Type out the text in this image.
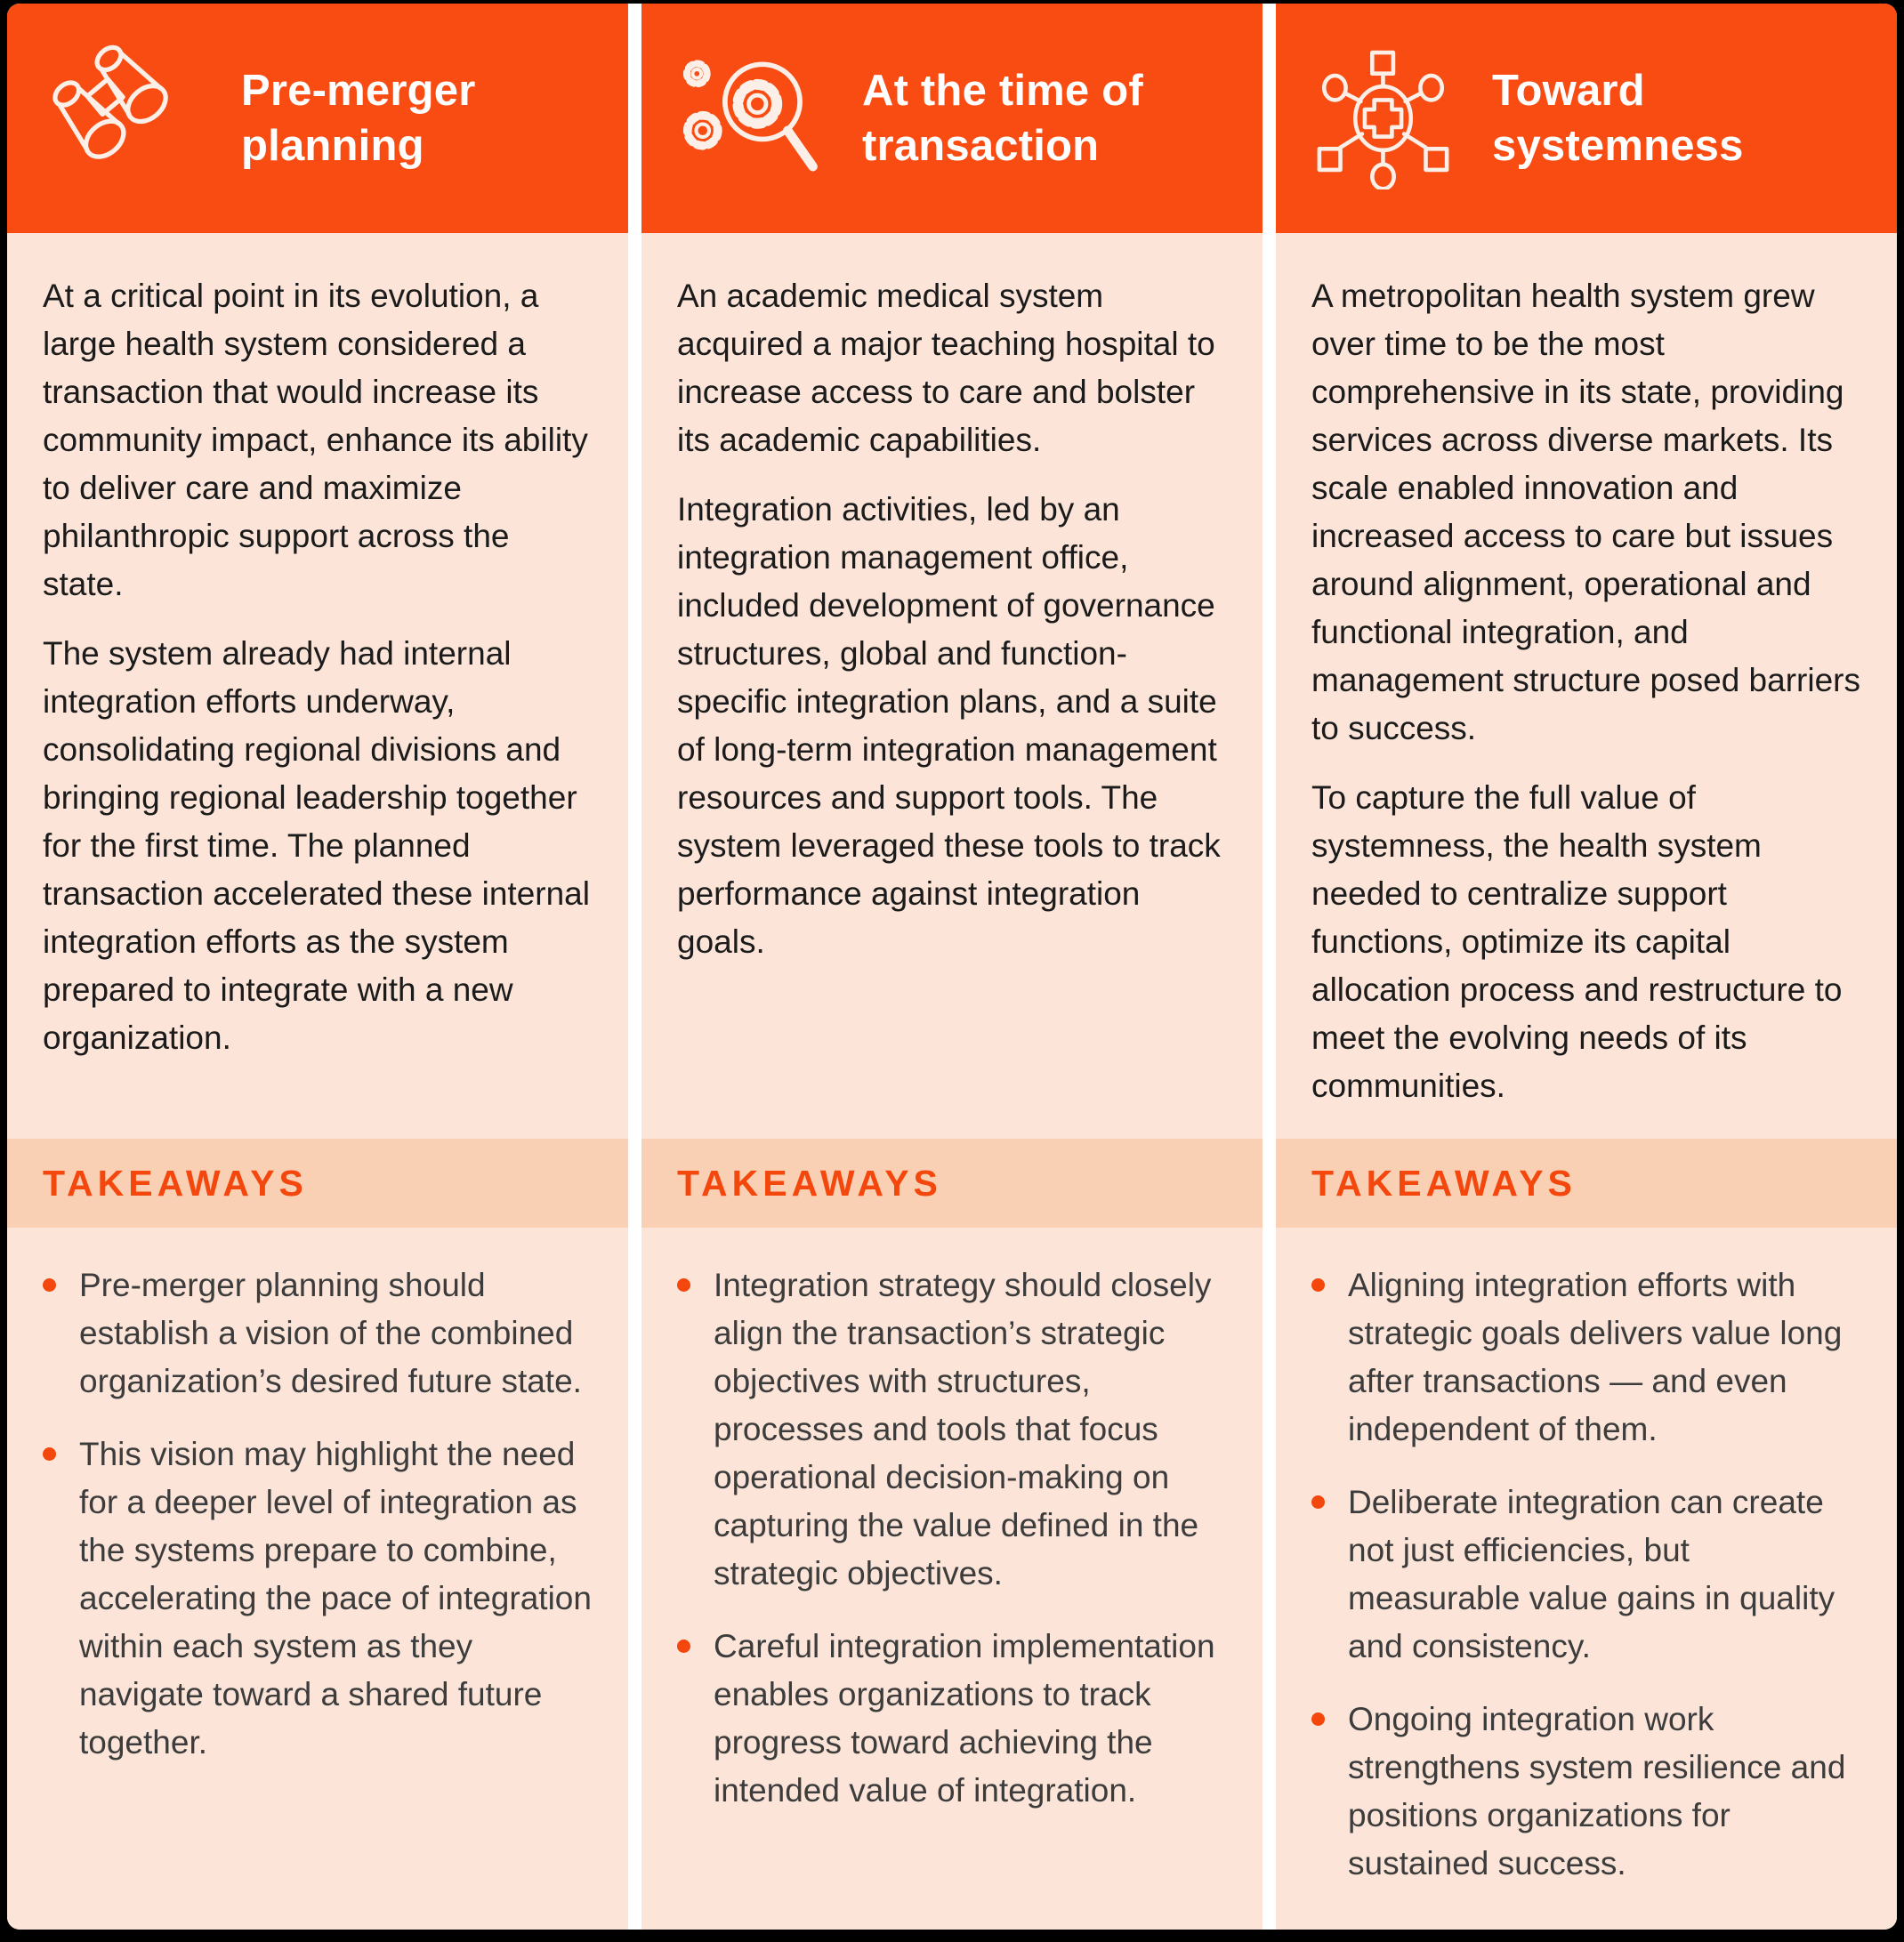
Pre-merger
planning

At a critical point in its evolution, a large health system considered a transaction that would increase its community impact, enhance its ability to deliver care and maximize philanthropic support across the state.

The system already had internal integration efforts underway, consolidating regional divisions and bringing regional leadership together for the first time. The planned transaction accelerated these internal integration efforts as the system prepared to integrate with a new organization.

TAKEAWAYS
Pre-merger planning should establish a vision of the combined organization’s desired future state.
This vision may highlight the need for a deeper level of integration as the systems prepare to combine, accelerating the pace of integration within each system as they navigate toward a shared future together.
At the time of
transaction

An academic medical system acquired a major teaching hospital to increase access to care and bolster its academic capabilities.

Integration activities, led by an integration management office, included development of governance structures, global and function-specific integration plans, and a suite of long-term integration management resources and support tools. The system leveraged these tools to track performance against integration goals.

TAKEAWAYS
Integration strategy should closely align the transaction’s strategic objectives with structures, processes and tools that focus operational decision-making on capturing the value defined in the strategic objectives.
Careful integration implementation enables organizations to track progress toward achieving the intended value of integration.
Toward
systemness

A metropolitan health system grew over time to be the most comprehensive in its state, providing services across diverse markets. Its scale enabled innovation and increased access to care but issues around alignment, operational and functional integration, and management structure posed barriers to success.

To capture the full value of systemness, the health system needed to centralize support functions, optimize its capital allocation process and restructure to meet the evolving needs of its communities.

TAKEAWAYS
Aligning integration efforts with strategic goals delivers value long after transactions — and even independent of them.
Deliberate integration can create not just efficiencies, but measurable value gains in quality and consistency.
Ongoing integration work strengthens system resilience and positions organizations for sustained success.
